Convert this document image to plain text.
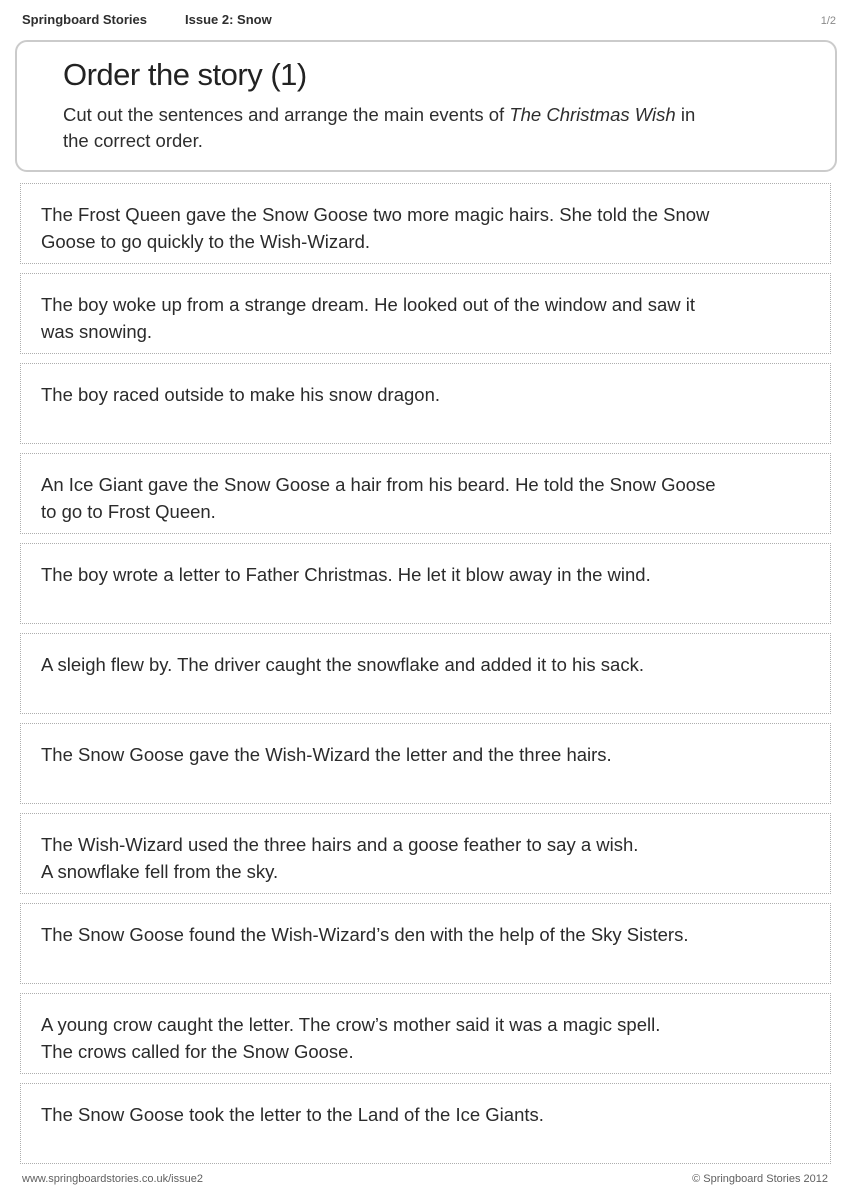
Springboard Stories	Issue 2: Snow	1/2
Order the story (1)
Cut out the sentences and arrange the main events of The Christmas Wish in
the correct order.
The Frost Queen gave the Snow Goose two more magic hairs. She told the Snow
Goose to go quickly to the Wish-Wizard.
The boy woke up from a strange dream. He looked out of the window and saw it
was snowing.
The boy raced outside to make his snow dragon.
An Ice Giant gave the Snow Goose a hair from his beard. He told the Snow Goose
to go to Frost Queen.
The boy wrote a letter to Father Christmas. He let it blow away in the wind.
A sleigh flew by. The driver caught the snowflake and added it to his sack.
The Snow Goose gave the Wish-Wizard the letter and the three hairs.
The Wish-Wizard used the three hairs and a goose feather to say a wish.
A snowflake fell from the sky.
The Snow Goose found the Wish-Wizard’s den with the help of the Sky Sisters.
A young crow caught the letter. The crow’s mother said it was a magic spell.
The crows called for the Snow Goose.
The Snow Goose took the letter to the Land of the Ice Giants.
www.springboardstories.co.uk/issue2	© Springboard Stories 2012
